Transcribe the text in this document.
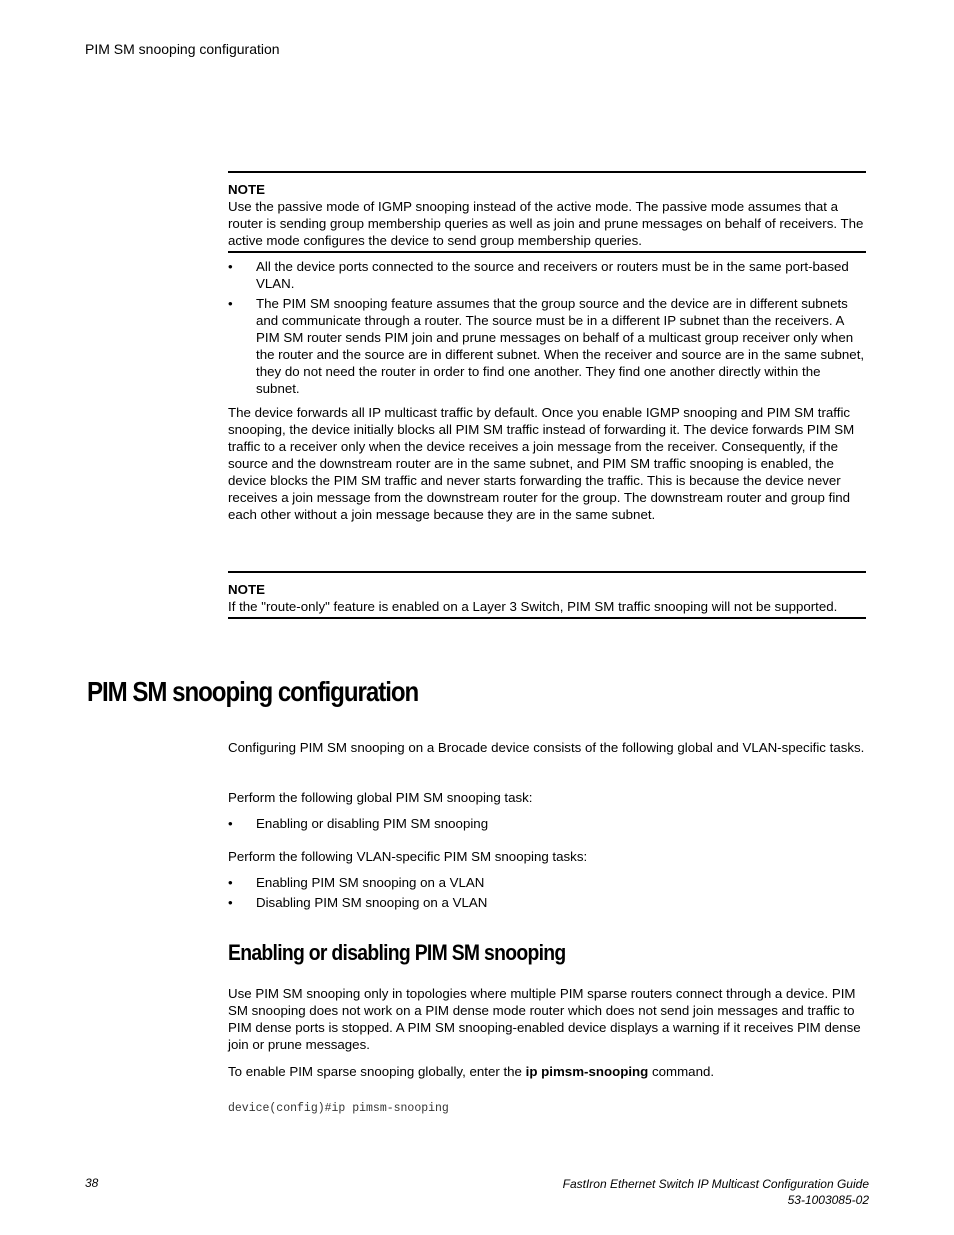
PIM SM snooping configuration
NOTE
Use the passive mode of IGMP snooping instead of the active mode. The passive mode assumes that a router is sending group membership queries as well as join and prune messages on behalf of receivers. The active mode configures the device to send group membership queries.
• All the device ports connected to the source and receivers or routers must be in the same port-based VLAN.
• The PIM SM snooping feature assumes that the group source and the device are in different subnets and communicate through a router. The source must be in a different IP subnet than the receivers. A PIM SM router sends PIM join and prune messages on behalf of a multicast group receiver only when the router and the source are in different subnet. When the receiver and source are in the same subnet, they do not need the router in order to find one another. They find one another directly within the subnet.

The device forwards all IP multicast traffic by default. Once you enable IGMP snooping and PIM SM traffic snooping, the device initially blocks all PIM SM traffic instead of forwarding it. The device forwards PIM SM traffic to a receiver only when the device receives a join message from the receiver. Consequently, if the source and the downstream router are in the same subnet, and PIM SM traffic snooping is enabled, the device blocks the PIM SM traffic and never starts forwarding the traffic. This is because the device never receives a join message from the downstream router for the group. The downstream router and group find each other without a join message because they are in the same subnet.

NOTE
If the "route-only" feature is enabled on a Layer 3 Switch, PIM SM traffic snooping will not be supported.
PIM SM snooping configuration

Configuring PIM SM snooping on a Brocade device consists of the following global and VLAN-specific tasks.

Perform the following global PIM SM snooping task:

• Enabling or disabling PIM SM snooping

Perform the following VLAN-specific PIM SM snooping tasks:

• Enabling PIM SM snooping on a VLAN
• Disabling PIM SM snooping on a VLAN
Enabling or disabling PIM SM snooping

Use PIM SM snooping only in topologies where multiple PIM sparse routers connect through a device. PIM SM snooping does not work on a PIM dense mode router which does not send join messages and traffic to PIM dense ports is stopped. A PIM SM snooping-enabled device displays a warning if it receives PIM dense join or prune messages.

To enable PIM sparse snooping globally, enter the ip pimsm-snooping command.

device(config)#ip pimsm-snooping
38	FastIron Ethernet Switch IP Multicast Configuration Guide
53-1003085-02
